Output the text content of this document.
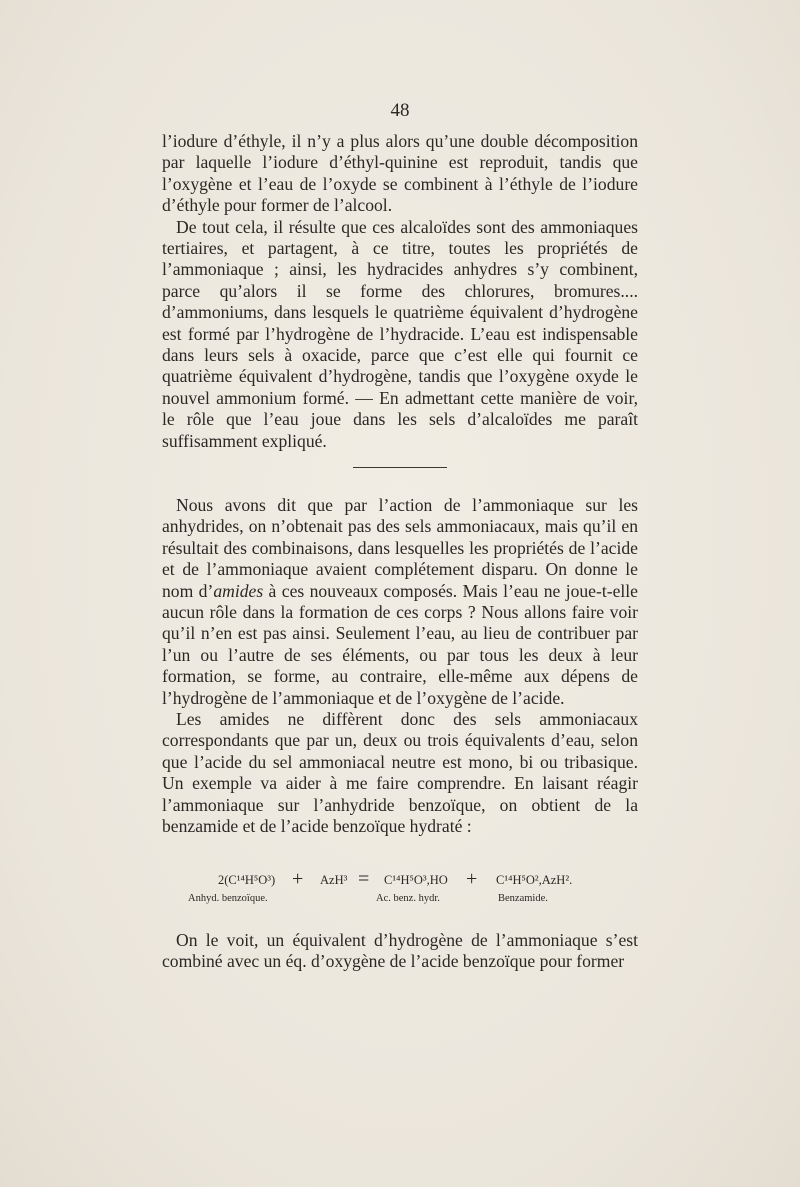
48

l’iodure d’éthyle, il n’y a plus alors qu’une double décomposition par laquelle l’iodure d’éthyl-quinine est reproduit, tandis que l’oxygène et l’eau de l’oxyde se combinent à l’éthyle de l’iodure d’éthyle pour former de l’alcool.

De tout cela, il résulte que ces alcaloïdes sont des ammoniaques tertiaires, et partagent, à ce titre, toutes les propriétés de l’ammoniaque ; ainsi, les hydracides anhydres s’y combinent, parce qu’alors il se forme des chlorures, bromures.... d’ammoniums, dans lesquels le quatrième équivalent d’hydrogène est formé par l’hydrogène de l’hydracide. L’eau est indispensable dans leurs sels à oxacide, parce que c’est elle qui fournit ce quatrième équivalent d’hydrogène, tandis que l’oxygène oxyde le nouvel ammonium formé. — En admettant cette manière de voir, le rôle que l’eau joue dans les sels d’alcaloïdes me paraît suffisamment expliqué.

Nous avons dit que par l’action de l’ammoniaque sur les anhydrides, on n’obtenait pas des sels ammoniacaux, mais qu’il en résultait des combinaisons, dans lesquelles les propriétés de l’acide et de l’ammoniaque avaient complétement disparu. On donne le nom d’amides à ces nouveaux composés. Mais l’eau ne joue-t-elle aucun rôle dans la formation de ces corps ? Nous allons faire voir qu’il n’en est pas ainsi. Seulement l’eau, au lieu de contribuer par l’un ou l’autre de ses éléments, ou par tous les deux à leur formation, se forme, au contraire, elle-même aux dépens de l’hydrogène de l’ammoniaque et de l’oxygène de l’acide.

Les amides ne diffèrent donc des sels ammoniacaux correspondants que par un, deux ou trois équivalents d’eau, selon que l’acide du sel ammoniacal neutre est mono, bi ou tribasique. Un exemple va aider à me faire comprendre. En laisant réagir l’ammoniaque sur l’anhydride benzoïque, on obtient de la benzamide et de l’acide benzoïque hydraté :

2(C¹⁴H⁵O³) + AzH³ = C¹⁴H⁵O³,HO + C¹⁴H⁵O²,AzH².
Anhyd. benzoïque.	Ac. benz. hydr.	Benzamide.

On le voit, un équivalent d’hydrogène de l’ammoniaque s’est combiné avec un éq. d’oxygène de l’acide benzoïque pour former
